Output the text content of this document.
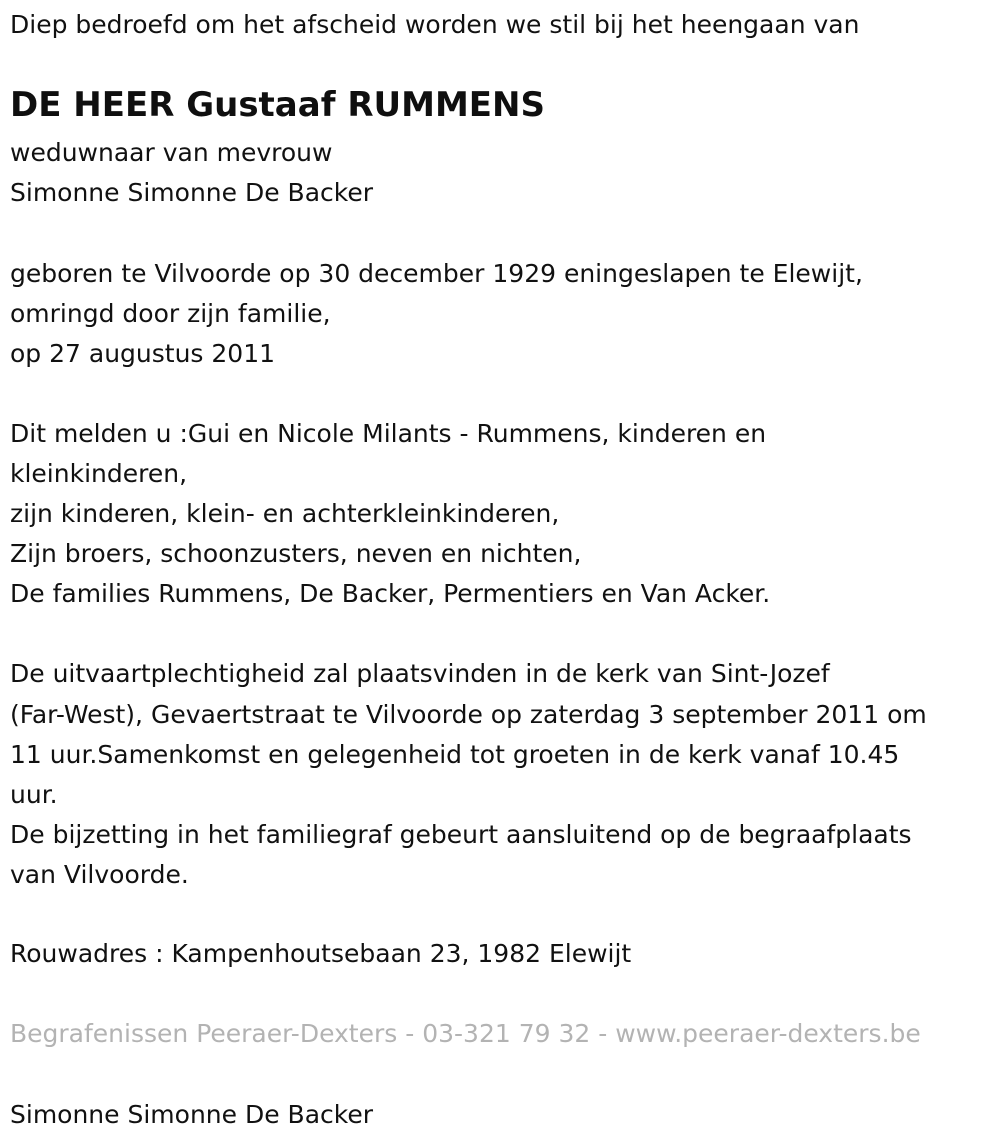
Diep bedroefd om het afscheid worden we stil bij het heengaan van
DE HEER Gustaaf RUMMENS
weduwnaar van mevrouw
Simonne Simonne De Backer
geboren te Vilvoorde op 30 december 1929 eningeslapen te Elewijt,
omringd door zijn familie,
op 27 augustus 2011
Dit melden u :Gui en Nicole Milants - Rummens, kinderen en
kleinkinderen,
zijn kinderen, klein- en achterkleinkinderen,
Zijn broers, schoonzusters, neven en nichten,
De families Rummens, De Backer, Permentiers en Van Acker.
De uitvaartplechtigheid zal plaatsvinden in de kerk van Sint-Jozef
(Far-West), Gevaertstraat te Vilvoorde op zaterdag 3 september 2011 om
11 uur.Samenkomst en gelegenheid tot groeten in de kerk vanaf 10.45
uur.
De bijzetting in het familiegraf gebeurt aansluitend op de begraafplaats
van Vilvoorde.
Rouwadres : Kampenhoutsebaan 23, 1982 Elewijt
Begrafenissen Peeraer-Dexters - 03-321 79 32 - www.peeraer-dexters.be
Simonne Simonne De Backer
